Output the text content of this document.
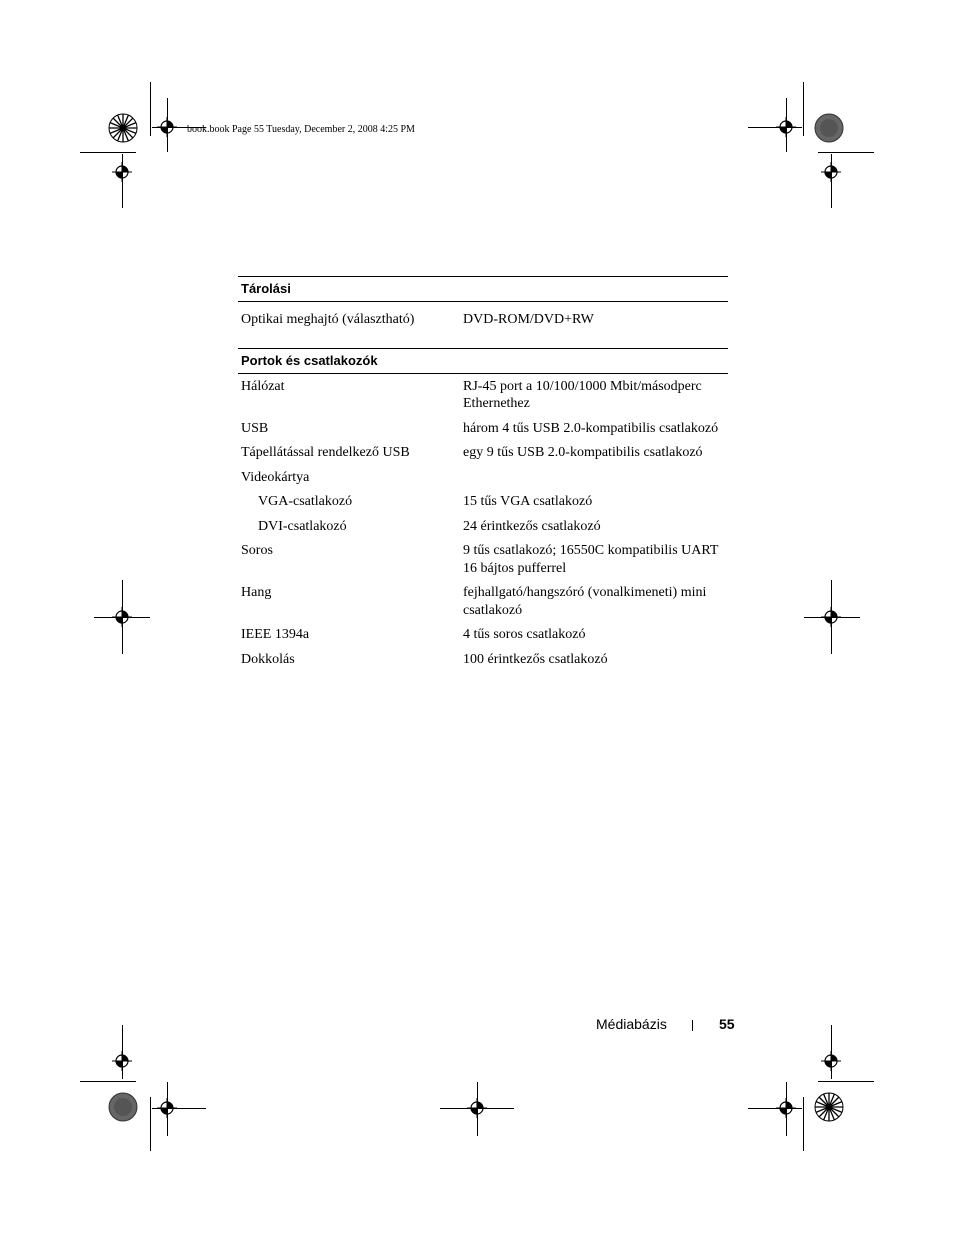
book.book Page 55 Tuesday, December 2, 2008 4:25 PM
Tárolási
Optikai meghajtó (választható)	DVD-ROM/DVD+RW
Portok és csatlakozók
Hálózat	RJ-45 port a 10/100/1000 Mbit/másodperc Ethernethez
USB	három 4 tűs USB 2.0-kompatibilis csatlakozó
Tápellátással rendelkező USB	egy 9 tűs USB 2.0-kompatibilis csatlakozó
Videokártya
VGA-csatlakozó	15 tűs VGA csatlakozó
DVI-csatlakozó	24 érintkezős csatlakozó
Soros	9 tűs csatlakozó; 16550C kompatibilis UART 16 bájtos pufferrel
Hang	fejhallgató/hangszóró (vonalkimeneti) mini csatlakozó
IEEE 1394a	4 tűs soros csatlakozó
Dokkolás	100 érintkezős csatlakozó
Médiabázis	55
